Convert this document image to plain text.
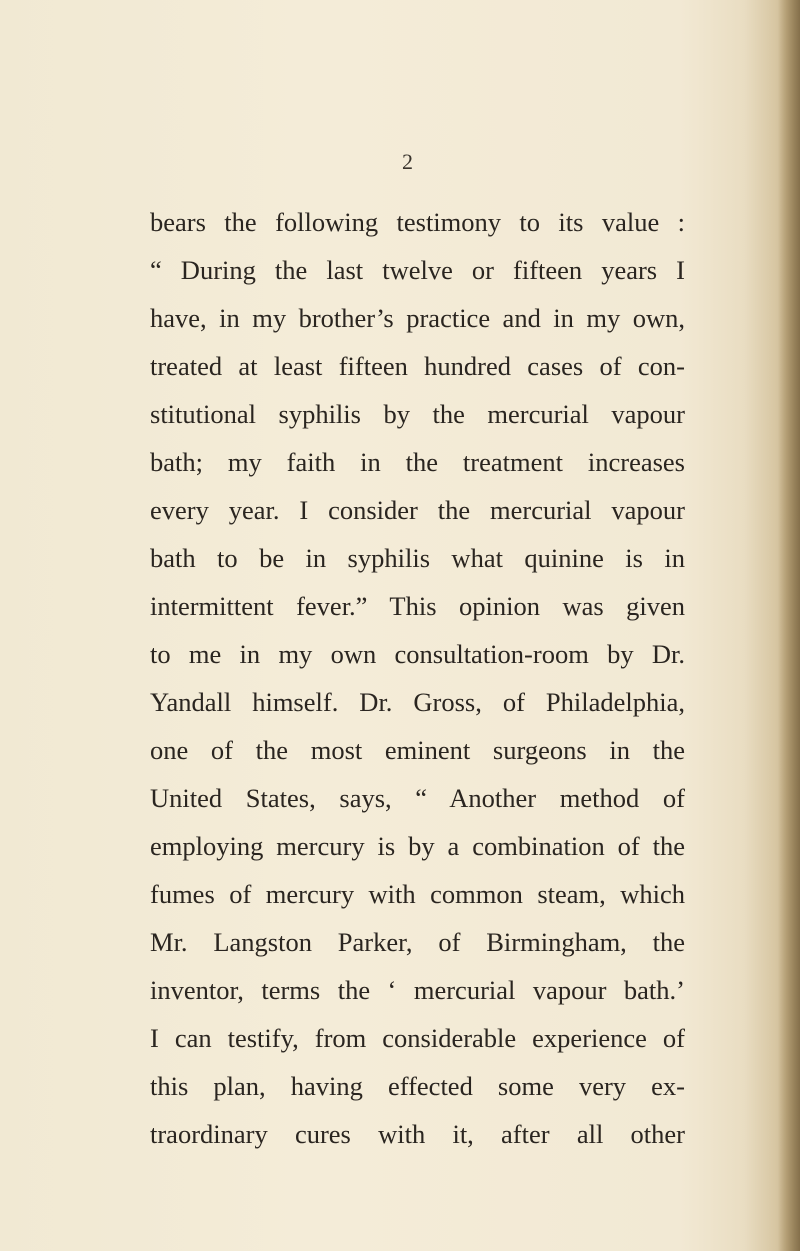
2
bears the following testimony to its value :
“ During the last twelve or fifteen years I
have, in my brother’s practice and in my own,
treated at least fifteen hundred cases of con-
stitutional syphilis by the mercurial vapour
bath; my faith in the treatment increases
every year. I consider the mercurial vapour
bath to be in syphilis what quinine is in
intermittent fever.” This opinion was given
to me in my own consultation-room by Dr.
Yandall himself. Dr. Gross, of Philadelphia,
one of the most eminent surgeons in the
United States, says, “ Another method of
employing mercury is by a combination of the
fumes of mercury with common steam, which
Mr. Langston Parker, of Birmingham, the
inventor, terms the ‘ mercurial vapour bath.’
I can testify, from considerable experience of
this plan, having effected some very ex-
traordinary cures with it, after all other
